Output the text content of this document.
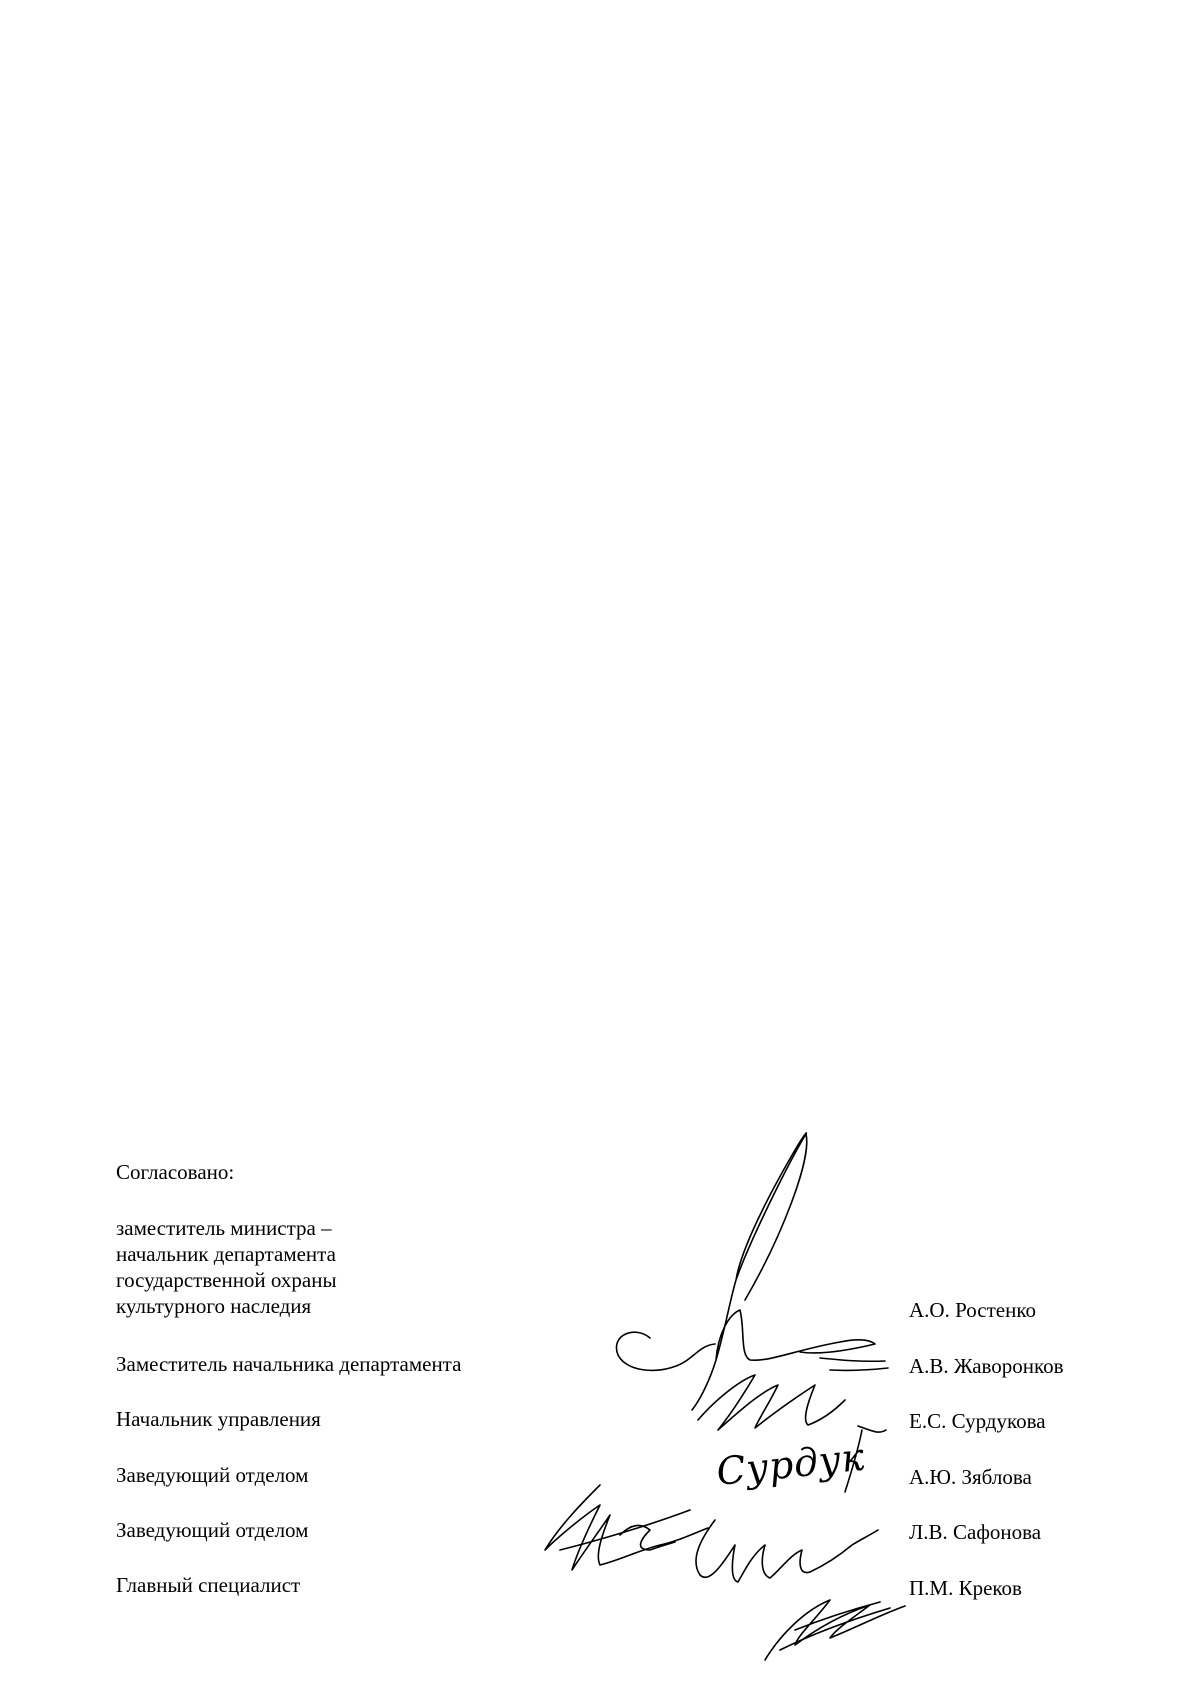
Согласовано:
заместитель министра –
начальник департамента
государственной охраны
культурного наследия	А.О. Ростенко
Заместитель начальника департамента	А.В. Жаворонков
Начальник управления	Е.С. Сурдукова
Заведующий отделом	А.Ю. Зяблова
Заведующий отделом	Л.В. Сафонова
Главный специалист	П.М. Креков
Сурдук
